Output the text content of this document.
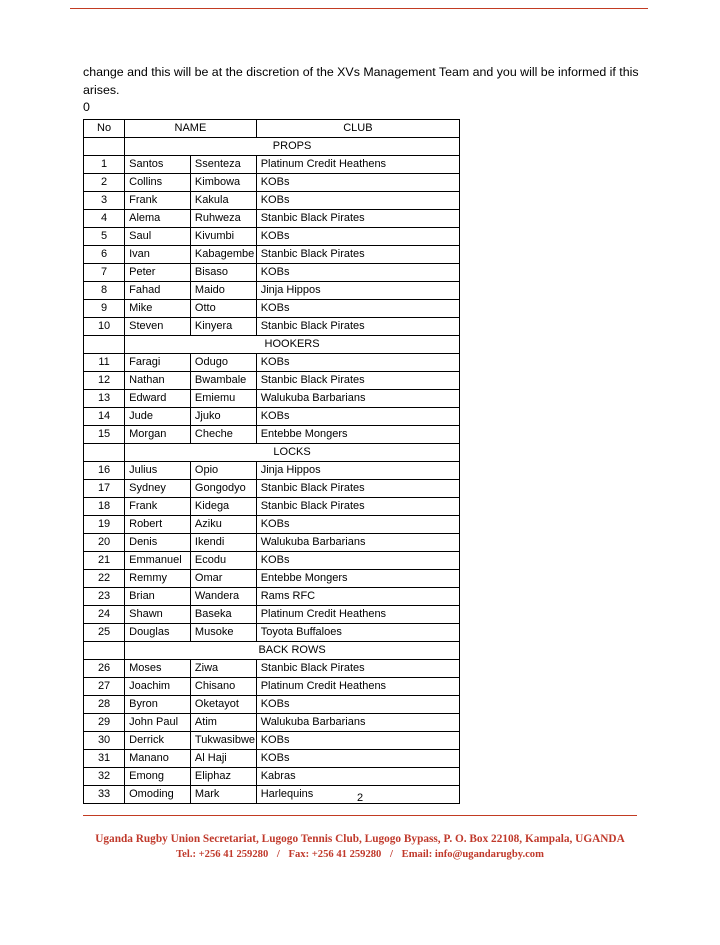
change and this will be at the discretion of the XVs Management Team and you will be informed if this arises.

0
No	NAME		CLUB
	PROPS		
1	Santos	Ssenteza	Platinum Credit Heathens
2	Collins	Kimbowa	KOBs
3	Frank	Kakula	KOBs
4	Alema	Ruhweza	Stanbic Black Pirates
5	Saul	Kivumbi	KOBs
6	Ivan	Kabagembe	Stanbic Black Pirates
7	Peter	Bisaso	KOBs
8	Fahad	Maido	Jinja Hippos
9	Mike	Otto	KOBs
10	Steven	Kinyera	Stanbic Black Pirates
	HOOKERS		
11	Faragi	Odugo	KOBs
12	Nathan	Bwambale	Stanbic Black Pirates
13	Edward	Emiemu	Walukuba Barbarians
14	Jude	Jjuko	KOBs
15	Morgan	Cheche	Entebbe Mongers
	LOCKS		
16	Julius	Opio	Jinja Hippos
17	Sydney	Gongodyo	Stanbic Black Pirates
18	Frank	Kidega	Stanbic Black Pirates
19	Robert	Aziku	KOBs
20	Denis	Ikendi	Walukuba Barbarians
21	Emmanuel	Ecodu	KOBs
22	Remmy	Omar	Entebbe Mongers
23	Brian	Wandera	Rams RFC
24	Shawn	Baseka	Platinum Credit Heathens
25	Douglas	Musoke	Toyota Buffaloes
	BACK ROWS		
26	Moses	Ziwa	Stanbic Black Pirates
27	Joachim	Chisano	Platinum Credit Heathens
28	Byron	Oketayot	KOBs
29	John Paul	Atim	Walukuba Barbarians
30	Derrick	Tukwasibwe	KOBs
31	Manano	Al Haji	KOBs
32	Emong	Eliphaz	Kabras
33	Omoding	Mark	Harlequins	2
Uganda Rugby Union Secretariat, Lugogo Tennis Club, Lugogo Bypass, P. O. Box 22108, Kampala, UGANDA
Tel.: +256 41 259280 / Fax: +256 41 259280 / Email: info@ugandarugby.com
